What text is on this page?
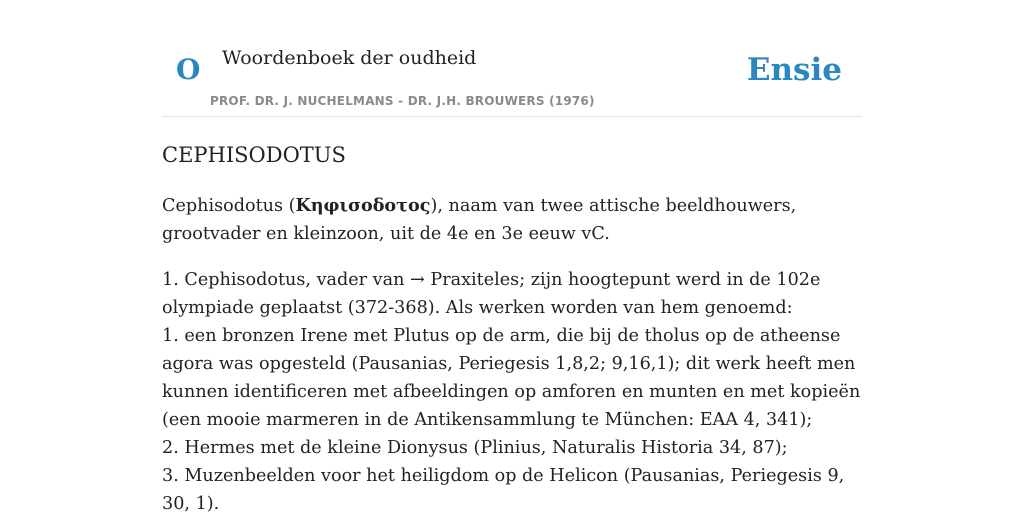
O Woordenboek der oudheid
PROF. DR. J. NUCHELMANS - DR. J.H. BROUWERS (1976)
Ensie
CEPHISODOTUS

Cephisodotus (Κηφισοδοτος), naam van twee attische beeldhouwers, grootvader en kleinzoon, uit de 4e en 3e eeuw vC.

1. Cephisodotus, vader van → Praxiteles; zijn hoogtepunt werd in de 102e olympiade geplaatst (372-368). Als werken worden van hem genoemd:

1. een bronzen Irene met Plutus op de arm, die bij de tholus op de atheense agora was opgesteld (Pausanias, Periegesis 1,8,2; 9,16,1); dit werk heeft men kunnen identificeren met afbeeldingen op amforen en munten en met kopieën (een mooie marmeren in de Antikensammlung te München: EAA 4, 341);

2. Hermes met de kleine Dionysus (Plinius, Naturalis Historia 34, 87);

3. Muzenbeelden voor het heiligdom op de Helicon (Pausanias, Periegesis 9, 30, 1).
